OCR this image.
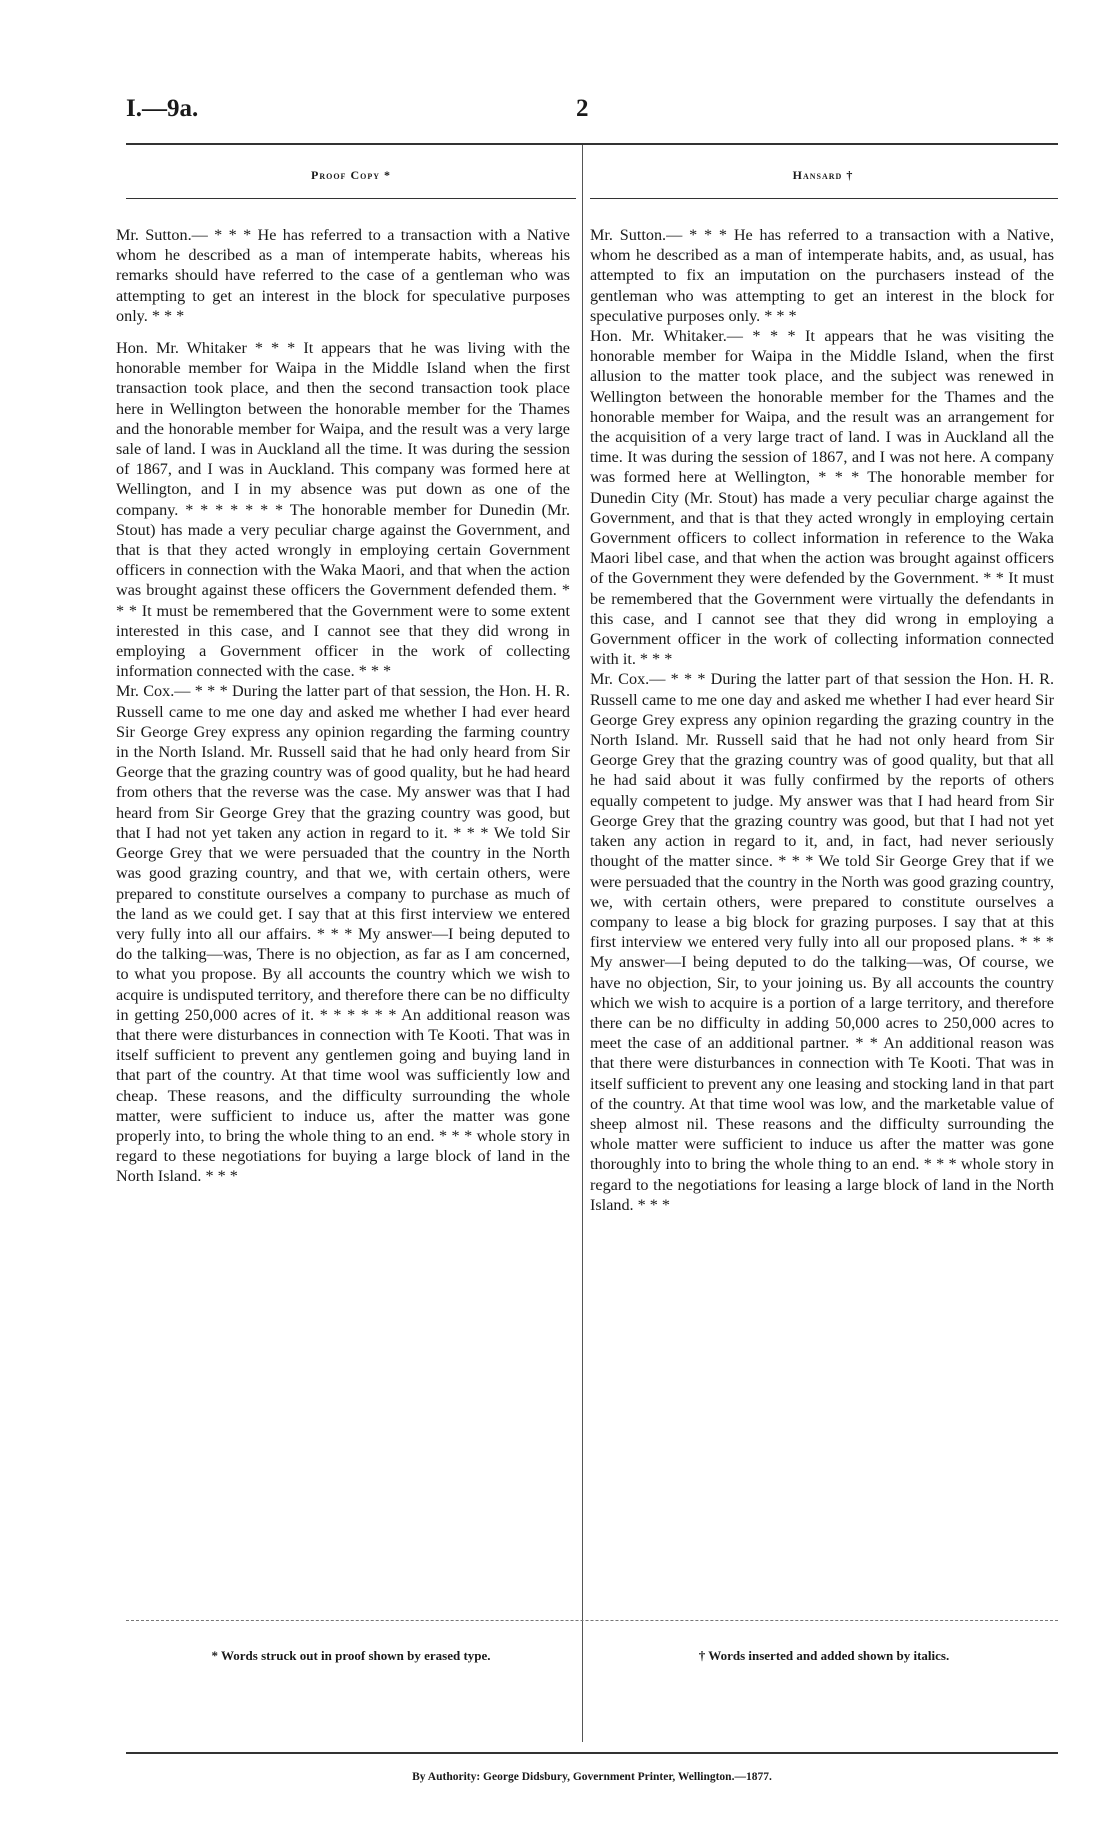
I.—9a.	2
Proof Copy *	Hansard †

Mr. Sutton.— * * * He has referred to a transaction with a Native whom he described as a man of intemperate habits, whereas his remarks should have referred to the case of a gentleman who was attempting to get an interest in the block for speculative purposes only. * * *

Hon. Mr. Whitaker * * * It appears that he was living with the honorable member for Waipa in the Middle Island when the first transaction took place, and then the second transaction took place here in Wellington between the honorable member for the Thames and the honorable member for Waipa, and the result was a very large sale of land. I was in Auckland all the time. It was during the session of 1867, and I was in Auckland. This company was formed here at Wellington, and I in my absence was put down as one of the company. * * * * * * * The honorable member for Dunedin (Mr. Stout) has made a very peculiar charge against the Government, and that is that they acted wrongly in employing certain Government officers in connection with the Waka Maori, and that when the action was brought against these officers the Government defended them. * * * It must be remembered that the Government were to some extent interested in this case, and I cannot see that they did wrong in employing a Government officer in the work of collecting information connected with the case. * * *

Mr. Cox.— * * * During the latter part of that session, the Hon. H. R. Russell came to me one day and asked me whether I had ever heard Sir George Grey express any opinion regarding the farming country in the North Island. Mr. Russell said that he had only heard from Sir George that the grazing country was of good quality, but he had heard from others that the reverse was the case. My answer was that I had heard from Sir George Grey that the grazing country was good, but that I had not yet taken any action in regard to it. * * * We told Sir George Grey that we were persuaded that the country in the North was good grazing country, and that we, with certain others, were prepared to constitute ourselves a company to purchase as much of the land as we could get. I say that at this first interview we entered very fully into all our affairs. * * * My answer—I being deputed to do the talking—was, There is no objection, as far as I am concerned, to what you propose. By all accounts the country which we wish to acquire is undisputed territory, and therefore there can be no difficulty in getting 250,000 acres of it. * * * * * * An additional reason was that there were disturbances in connection with Te Kooti. That was in itself sufficient to prevent any gentlemen going and buying land in that part of the country. At that time wool was sufficiently low and cheap. These reasons, and the difficulty surrounding the whole matter, were sufficient to induce us, after the matter was gone properly into, to bring the whole thing to an end. * * * whole story in regard to these negotiations for buying a large block of land in the North Island. * * *

Mr. Sutton.— * * * He has referred to a transaction with a Native, whom he described as a man of intemperate habits, and, as usual, has attempted to fix an imputation on the purchasers instead of the gentleman who was attempting to get an interest in the block for speculative purposes only. * * *

Hon. Mr. Whitaker.— * * * It appears that he was visiting the honorable member for Waipa in the Middle Island, when the first allusion to the matter took place, and the subject was renewed in Wellington between the honorable member for the Thames and the honorable member for Waipa, and the result was an arrangement for the acquisition of a very large tract of land. I was in Auckland all the time. It was during the session of 1867, and I was not here. A company was formed here at Wellington, * * * The honorable member for Dunedin City (Mr. Stout) has made a very peculiar charge against the Government, and that is that they acted wrongly in employing certain Government officers to collect information in reference to the Waka Maori libel case, and that when the action was brought against officers of the Government they were defended by the Government. * * It must be remembered that the Government were virtually the defendants in this case, and I cannot see that they did wrong in employing a Government officer in the work of collecting information connected with it. * * *

Mr. Cox.— * * * During the latter part of that session the Hon. H. R. Russell came to me one day and asked me whether I had ever heard Sir George Grey express any opinion regarding the grazing country in the North Island. Mr. Russell said that he had not only heard from Sir George Grey that the grazing country was of good quality, but that all he had said about it was fully confirmed by the reports of others equally competent to judge. My answer was that I had heard from Sir George Grey that the grazing country was good, but that I had not yet taken any action in regard to it, and, in fact, had never seriously thought of the matter since. * * * We told Sir George Grey that if we were persuaded that the country in the North was good grazing country, we, with certain others, were prepared to constitute ourselves a company to lease a big block for grazing purposes. I say that at this first interview we entered very fully into all our proposed plans. * * * My answer—I being deputed to do the talking—was, Of course, we have no objection, Sir, to your joining us. By all accounts the country which we wish to acquire is a portion of a large territory, and therefore there can be no difficulty in adding 50,000 acres to 250,000 acres to meet the case of an additional partner. * * An additional reason was that there were disturbances in connection with Te Kooti. That was in itself sufficient to prevent any one leasing and stocking land in that part of the country. At that time wool was low, and the marketable value of sheep almost nil. These reasons and the difficulty surrounding the whole matter were sufficient to induce us after the matter was gone thoroughly into to bring the whole thing to an end. * * * whole story in regard to the negotiations for leasing a large block of land in the North Island. * * *

* Words struck out in proof shown by erased type.	† Words inserted and added shown by italics.
By Authority: George Didsbury, Government Printer, Wellington.—1877.
